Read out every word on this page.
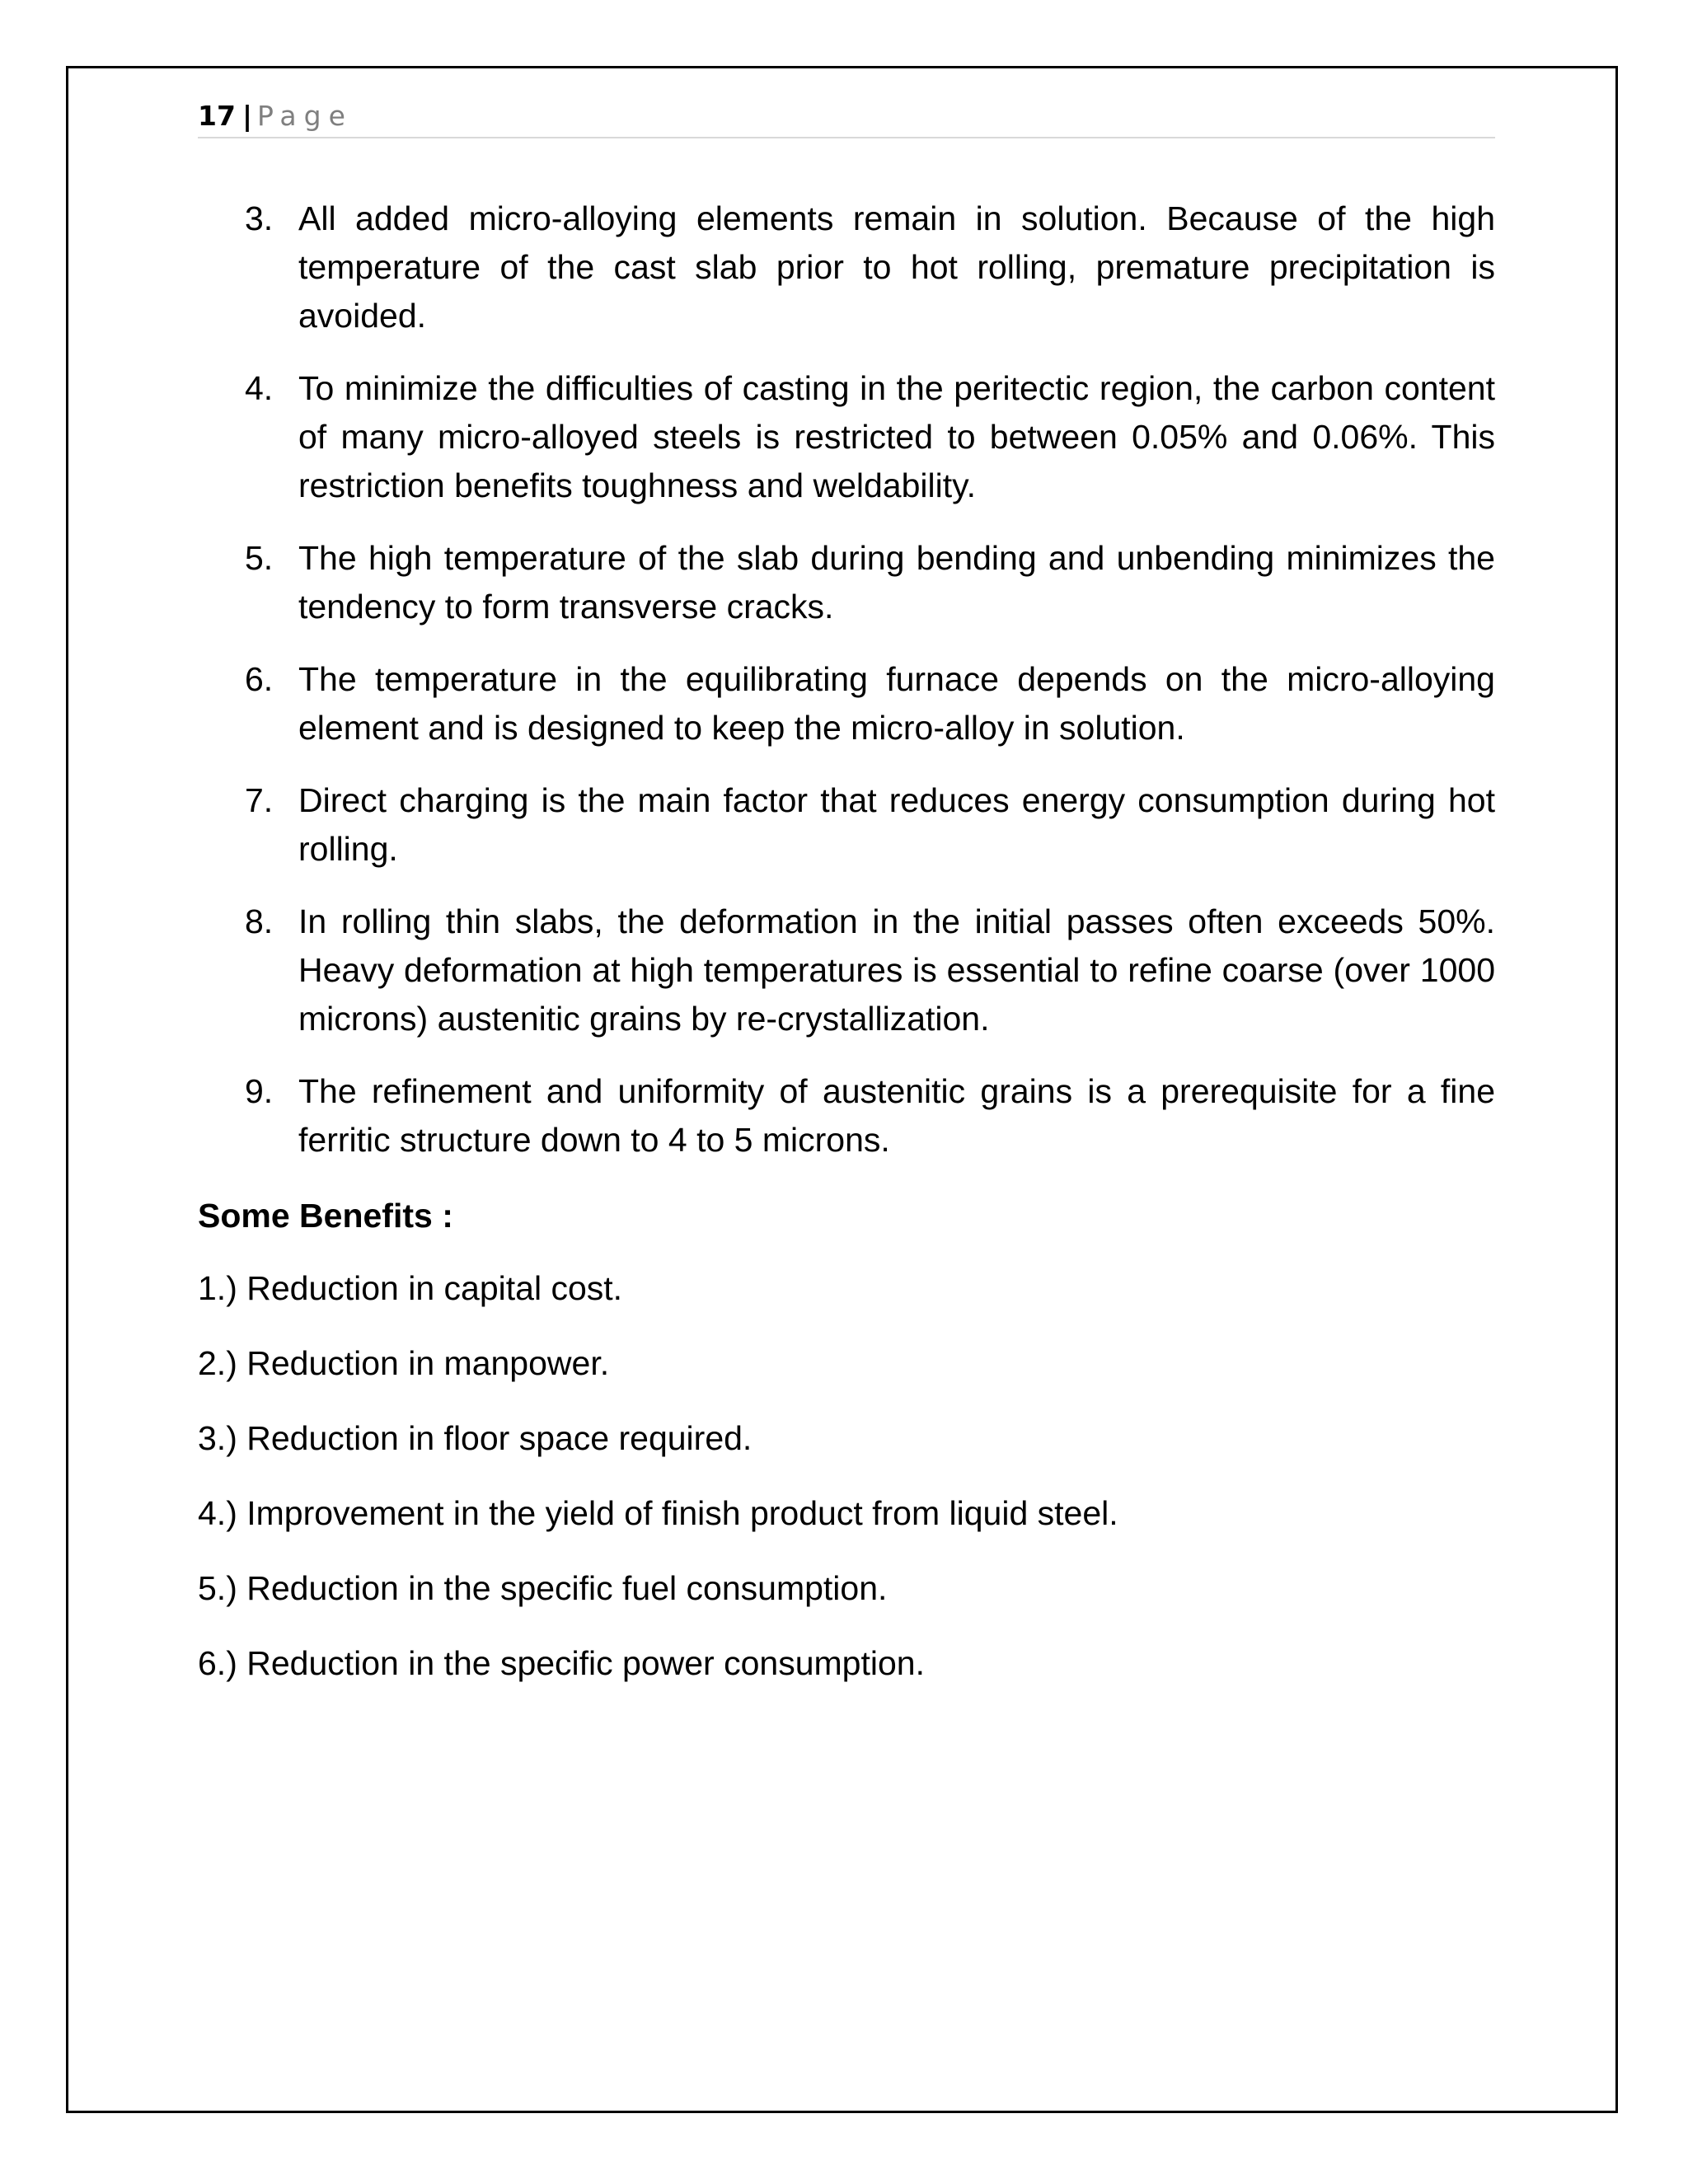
17 | Page
3. All added micro-alloying elements remain in solution. Because of the high temperature of the cast slab prior to hot rolling, premature precipitation is avoided.
4. To minimize the difficulties of casting in the peritectic region, the carbon content of many micro-alloyed steels is restricted to between 0.05% and 0.06%. This restriction benefits toughness and weldability.
5. The high temperature of the slab during bending and unbending minimizes the tendency to form transverse cracks.
6. The temperature in the equilibrating furnace depends on the micro-alloying element and is designed to keep the micro-alloy in solution.
7. Direct charging is the main factor that reduces energy consumption during hot rolling.
8. In rolling thin slabs, the deformation in the initial passes often exceeds 50%. Heavy deformation at high temperatures is essential to refine coarse (over 1000 microns) austenitic grains by re-crystallization.
9. The refinement and uniformity of austenitic grains is a prerequisite for a fine ferritic structure down to 4 to 5 microns.
Some Benefits :
1.) Reduction in capital cost.
2.) Reduction in manpower.
3.) Reduction in floor space required.
4.) Improvement in the yield of finish product from liquid steel.
5.) Reduction in the specific fuel consumption.
6.) Reduction in the specific power consumption.
